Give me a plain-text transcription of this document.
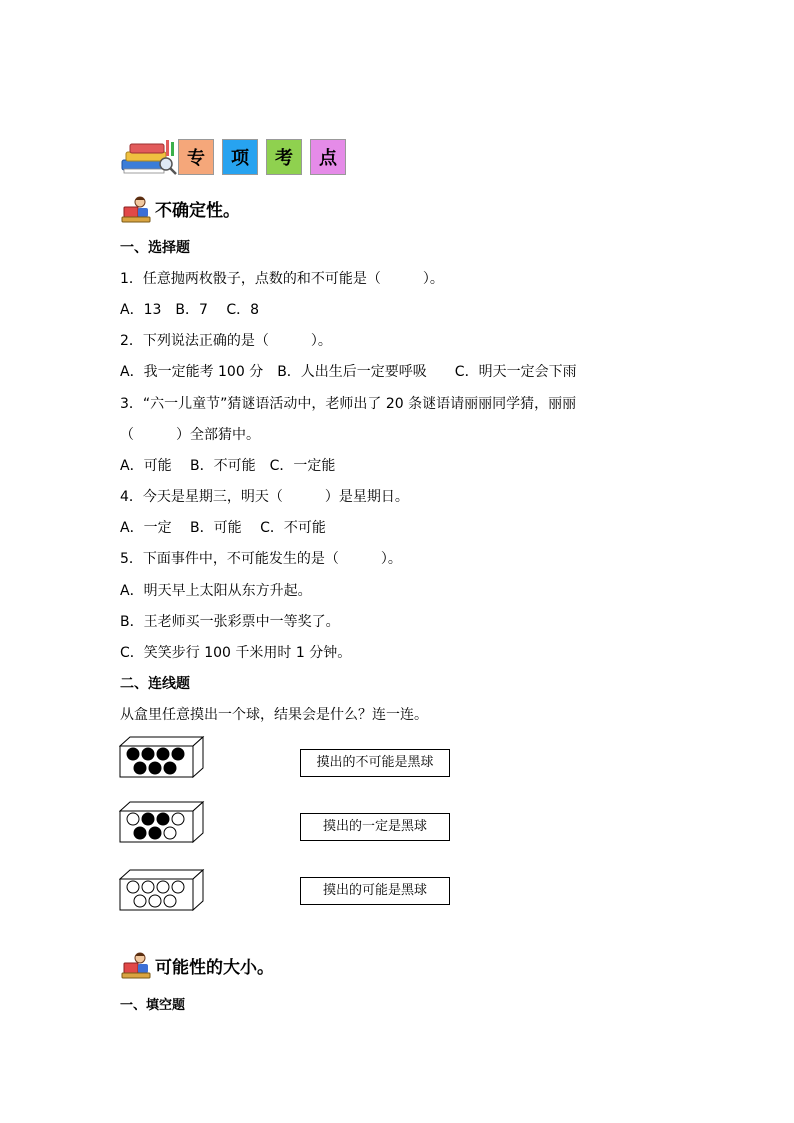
专	项	考	点
不确定性。
一、选择题
1．任意抛两枚骰子，点数的和不可能是（　　　）。
A．13　B．7　 C．8
2．下列说法正确的是（　　　）。
A．我一定能考 100 分　B．人出生后一定要呼吸　　C．明天一定会下雨
3．“六一儿童节”猜谜语活动中，老师出了 20 条谜语请丽丽同学猜，丽丽
（　　　）全部猜中。
A．可能　 B．不可能　C．一定能
4．今天是星期三，明天（　　　）是星期日。
A．一定　 B．可能　 C．不可能
5．下面事件中，不可能发生的是（　　　）。
A．明天早上太阳从东方升起。
B．王老师买一张彩票中一等奖了。
C．笑笑步行 100 千米用时 1 分钟。
二、连线题
从盒里任意摸出一个球，结果会是什么？连一连。
摸出的不可能是黑球
摸出的一定是黑球
摸出的可能是黑球
可能性的大小。
一、填空题
